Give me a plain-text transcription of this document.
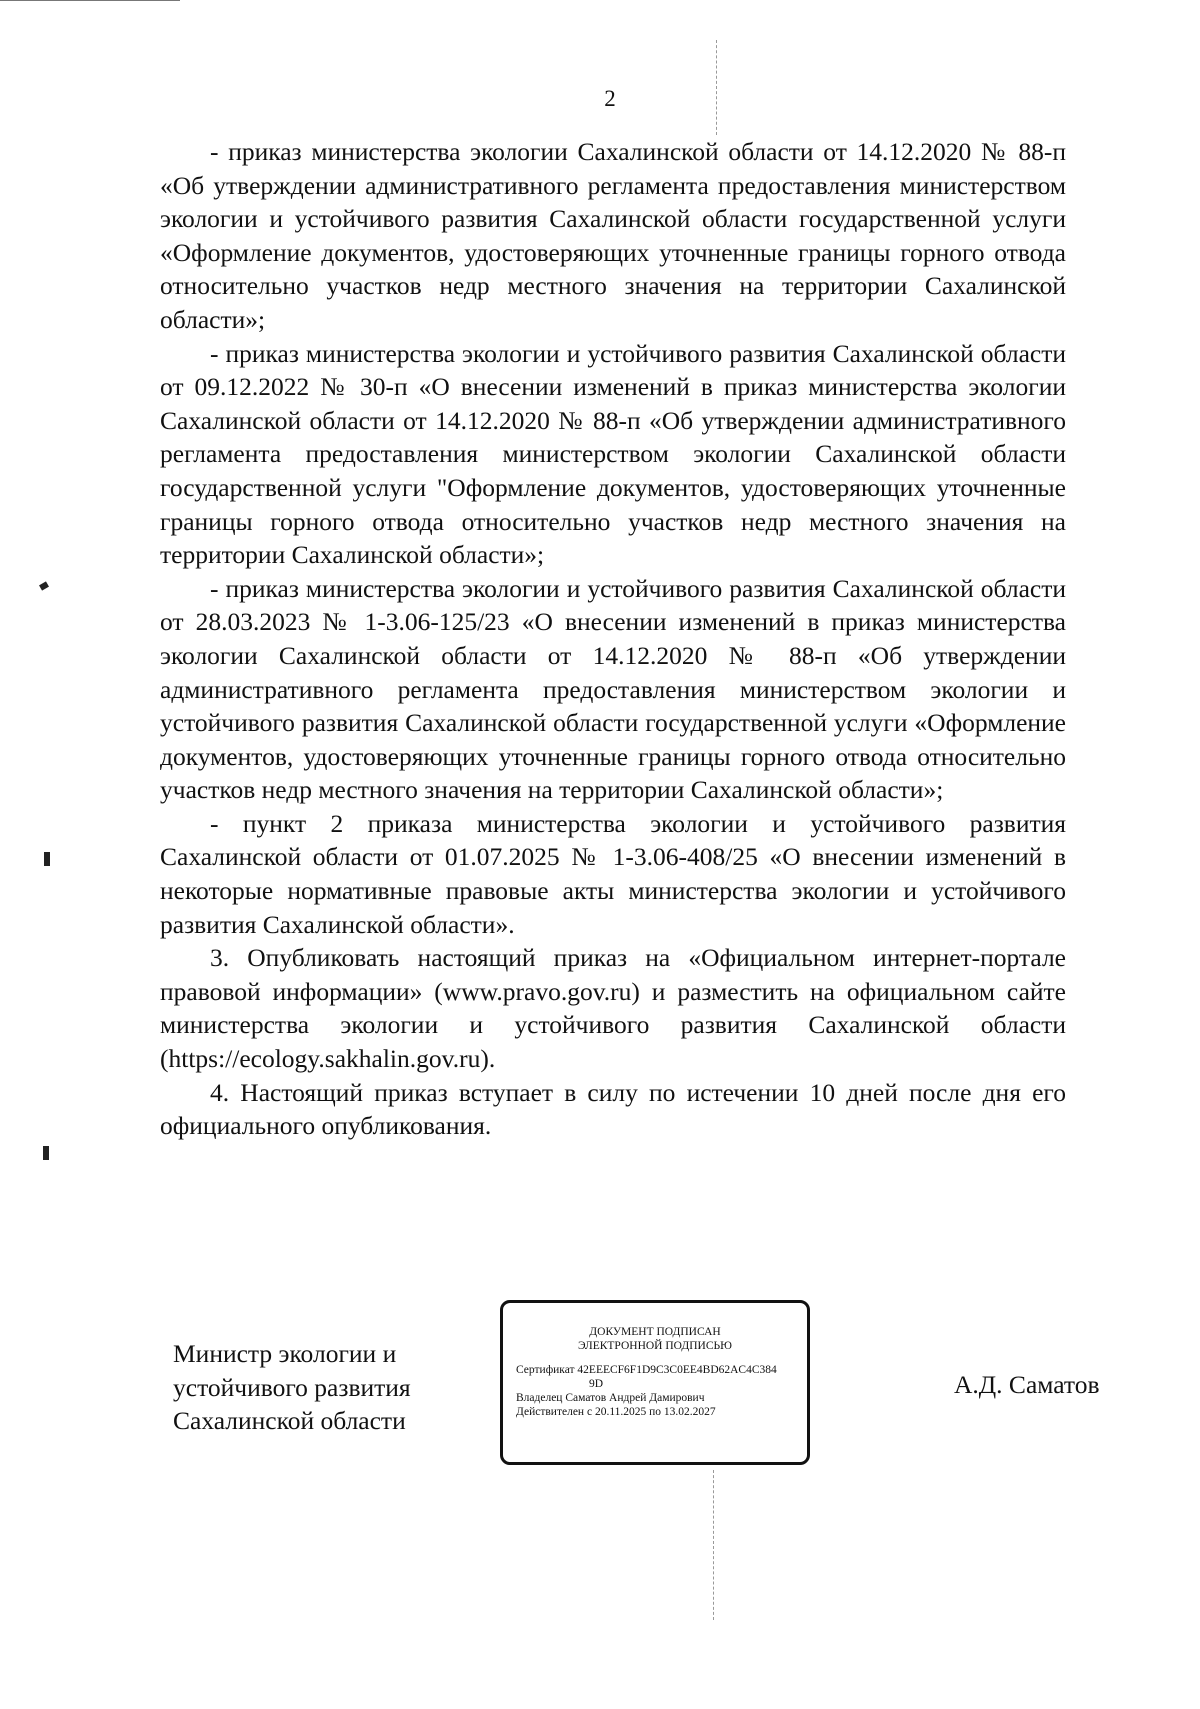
2

- приказ министерства экологии Сахалинской области от 14.12.2020 № 88-п «Об утверждении административного регламента предоставления министерством экологии и устойчивого развития Сахалинской области государственной услуги «Оформление документов, удостоверяющих уточненные границы горного отвода относительно участков недр местного значения на территории Сахалинской области»;

- приказ министерства экологии и устойчивого развития Сахалинской области от 09.12.2022 № 30-п «О внесении изменений в приказ министерства экологии Сахалинской области от 14.12.2020 № 88-п «Об утверждении административного регламента предоставления министерством экологии Сахалинской области государственной услуги "Оформление документов, удостоверяющих уточненные границы горного отвода относительно участков недр местного значения на территории Сахалинской области»;

- приказ министерства экологии и устойчивого развития Сахалинской области от 28.03.2023 № 1-3.06-125/23 «О внесении изменений в приказ министерства экологии Сахалинской области от 14.12.2020 № 88-п «Об утверждении административного регламента предоставления министерством экологии и устойчивого развития Сахалинской области государственной услуги «Оформление документов, удостоверяющих уточненные границы горного отвода относительно участков недр местного значения на территории Сахалинской области»;

- пункт 2 приказа министерства экологии и устойчивого развития Сахалинской области от 01.07.2025 № 1-3.06-408/25 «О внесении изменений в некоторые нормативные правовые акты министерства экологии и устойчивого развития Сахалинской области».

3. Опубликовать настоящий приказ на «Официальном интернет-портале правовой информации» (www.pravo.gov.ru) и разместить на официальном сайте министерства экологии и устойчивого развития Сахалинской области (https://ecology.sakhalin.gov.ru).

4. Настоящий приказ вступает в силу по истечении 10 дней после дня его официального опубликования.

Министр экологии и
устойчивого развития
Сахалинской области
ДОКУМЕНТ ПОДПИСАН
ЭЛЕКТРОННОЙ ПОДПИСЬЮ
Сертификат 42EEECF6F1D9C3C0EE4BD62AC4C384
9D
Владелец Саматов Андрей Дамирович
Действителен с 20.11.2025 по 13.02.2027
А.Д. Саматов
